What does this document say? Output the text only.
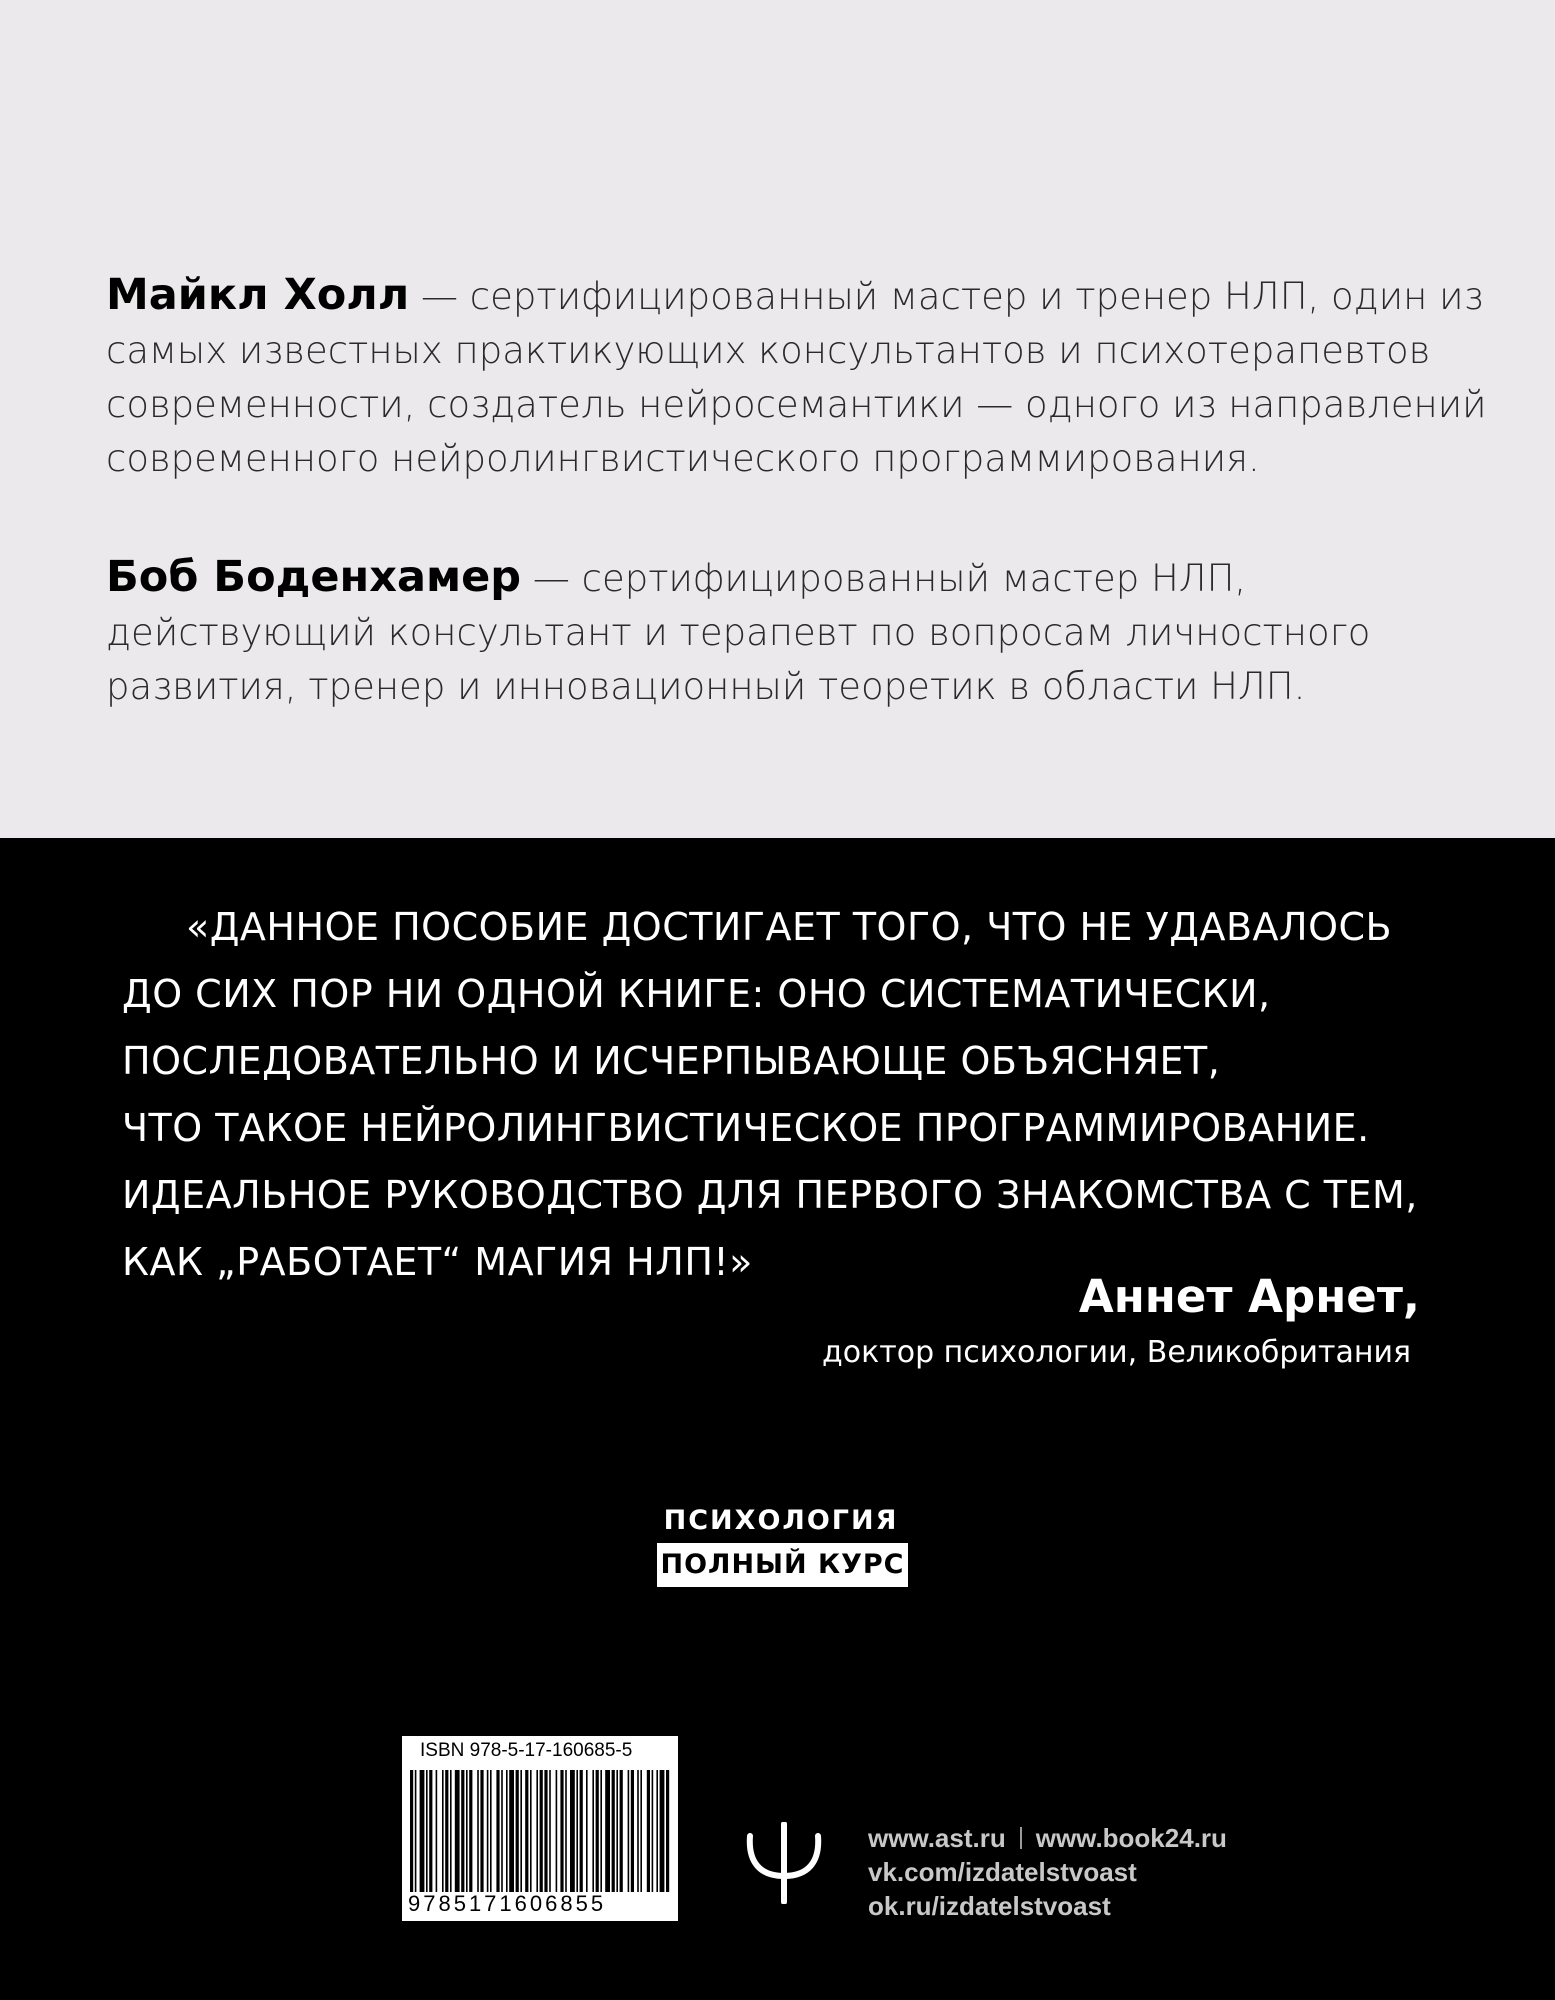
Майкл Холл — сертифицированный мастер и тренер НЛП, один из самых известных практикующих консультантов и психотерапевтов современности, создатель нейросемантики — одного из направлений современного нейролингвистического программирования.

Боб Боденхамер — сертифицированный мастер НЛП, действующий консультант и терапевт по вопросам личностного развития, тренер и инновационный теоретик в области НЛП.

«ДАННОЕ ПОСОБИЕ ДОСТИГАЕТ ТОГО, ЧТО НЕ УДАВАЛОСЬ
ДО СИХ ПОР НИ ОДНОЙ КНИГЕ: ОНО СИСТЕМАТИЧЕСКИ,
ПОСЛЕДОВАТЕЛЬНО И ИСЧЕРПЫВАЮЩЕ ОБЪЯСНЯЕТ,
ЧТО ТАКОЕ НЕЙРОЛИНГВИСТИЧЕСКОЕ ПРОГРАММИРОВАНИЕ.
ИДЕАЛЬНОЕ РУКОВОДСТВО ДЛЯ ПЕРВОГО ЗНАКОМСТВА С ТЕМ,
КАК „РАБОТАЕТ“ МАГИЯ НЛП!»

Аннет Арнет,

доктор психологии, Великобритания

ПСИХОЛОГИЯ
ПОЛНЫЙ КУРС
ISBN 978-5-17-160685-5
9785171606855
www.ast.ru www.book24.ru
vk.com/izdatelstvoast
ok.ru/izdatelstvoast
